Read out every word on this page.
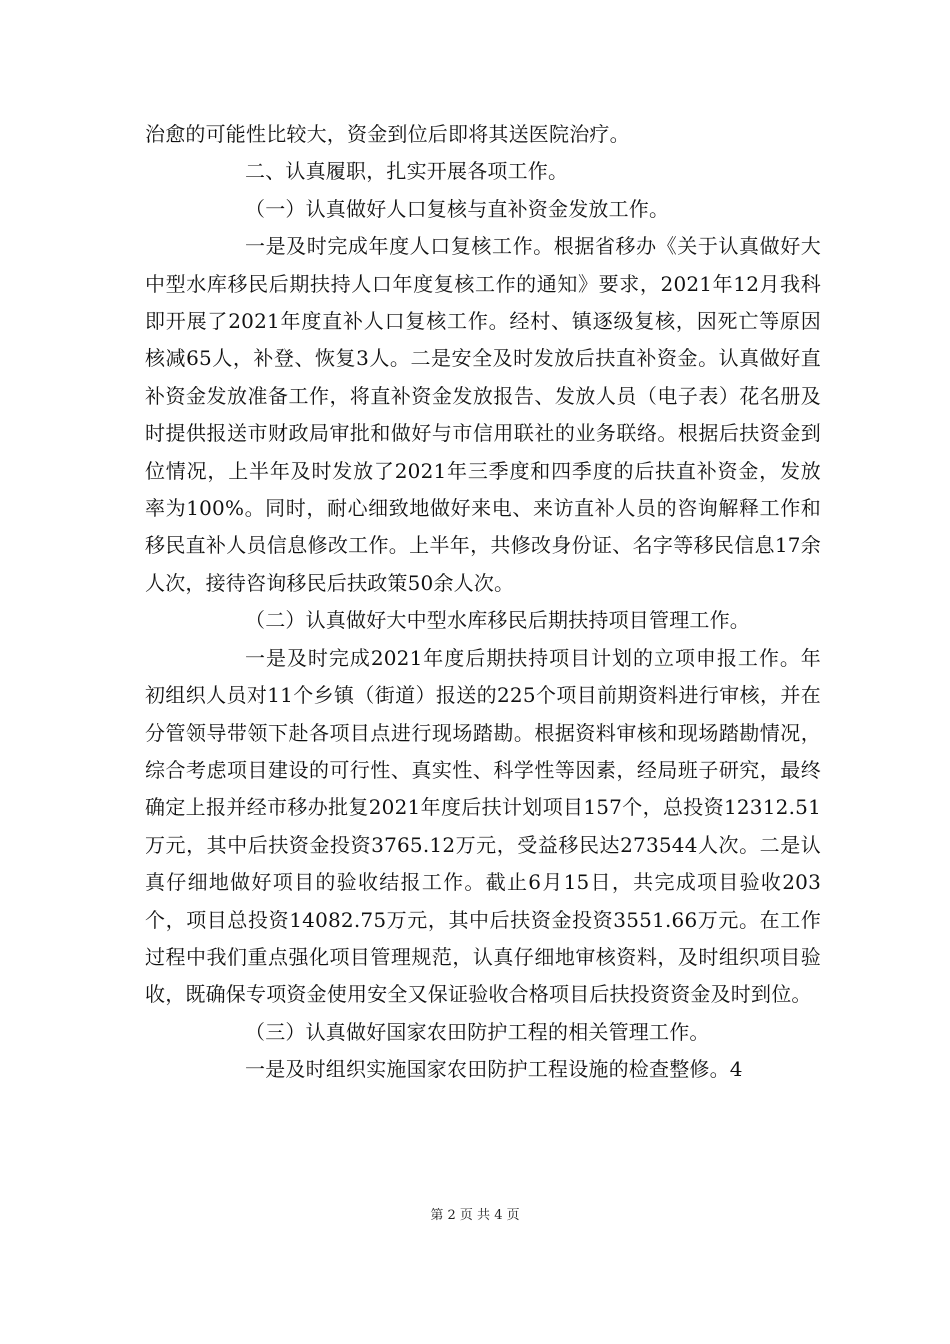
治愈的可能性比较大，资金到位后即将其送医院治疗。

二、认真履职，扎实开展各项工作。

（一）认真做好人口复核与直补资金发放工作。

一是及时完成年度人口复核工作。根据省移办《关于认真做好大中型水库移民后期扶持人口年度复核工作的通知》要求，2021年12月我科即开展了2021年度直补人口复核工作。经村、镇逐级复核，因死亡等原因核减65人，补登、恢复3人。二是安全及时发放后扶直补资金。认真做好直补资金发放准备工作，将直补资金发放报告、发放人员（电子表）花名册及时提供报送市财政局审批和做好与市信用联社的业务联络。根据后扶资金到位情况，上半年及时发放了2021年三季度和四季度的后扶直补资金，发放率为100%。同时，耐心细致地做好来电、来访直补人员的咨询解释工作和移民直补人员信息修改工作。上半年，共修改身份证、名字等移民信息17余人次，接待咨询移民后扶政策50余人次。

（二）认真做好大中型水库移民后期扶持项目管理工作。

一是及时完成2021年度后期扶持项目计划的立项申报工作。年初组织人员对11个乡镇（街道）报送的225个项目前期资料进行审核，并在分管领导带领下赴各项目点进行现场踏勘。根据资料审核和现场踏勘情况，综合考虑项目建设的可行性、真实性、科学性等因素，经局班子研究，最终确定上报并经市移办批复2021年度后扶计划项目157个，总投资12312.51万元，其中后扶资金投资3765.12万元，受益移民达273544人次。二是认真仔细地做好项目的验收结报工作。截止6月15日，共完成项目验收203个，项目总投资14082.75万元，其中后扶资金投资3551.66万元。在工作过程中我们重点强化项目管理规范，认真仔细地审核资料，及时组织项目验收，既确保专项资金使用安全又保证验收合格项目后扶投资资金及时到位。

（三）认真做好国家农田防护工程的相关管理工作。

一是及时组织实施国家农田防护工程设施的检查整修。4

第 2 页 共 4 页
